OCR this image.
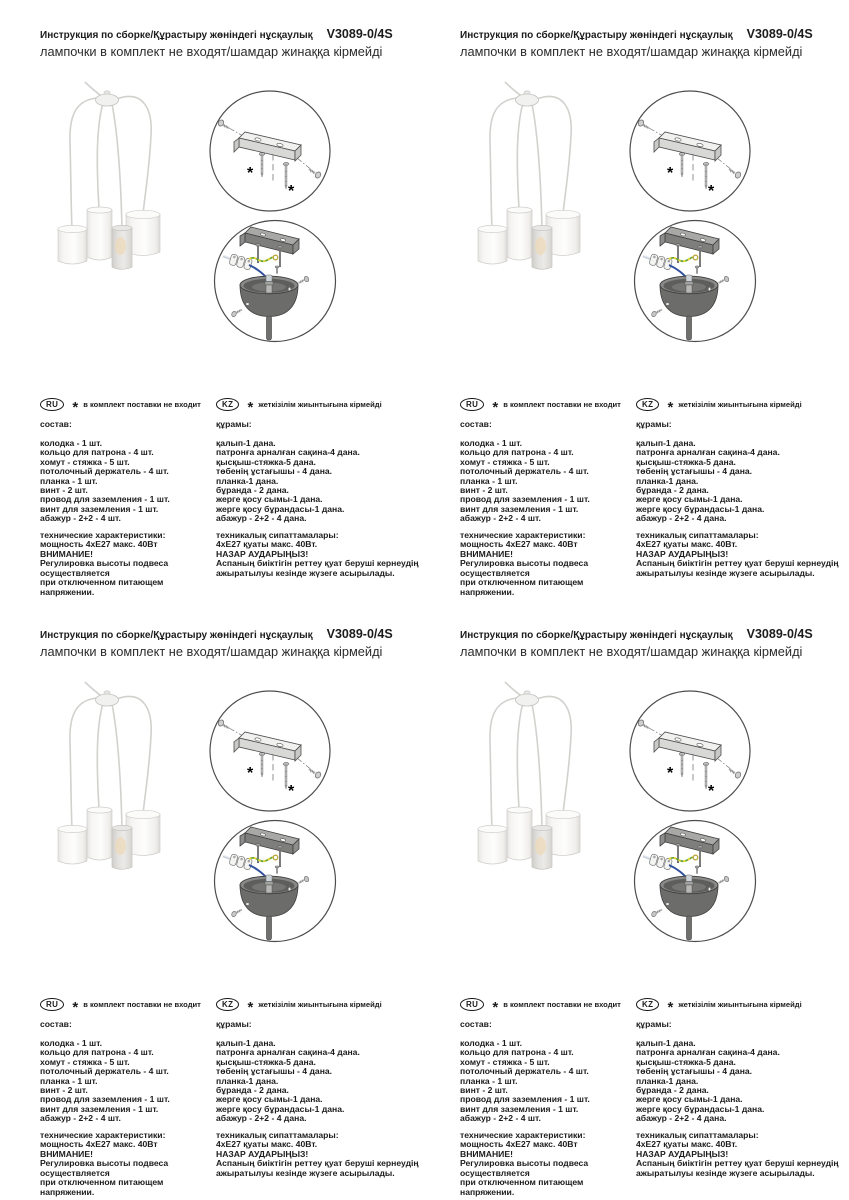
Инструкция по сборке/Құрастыру жөніндегі нұсқаулық V3089-0/4S
лампочки в комплект не входят/шамдар жинаққа кірмейді
*
*
RU * в комплект поставки не входит
состав:
колодка - 1 шт.
кольцо для патрона - 4 шт.
хомут - стяжка - 5 шт.
потолочный держатель - 4 шт.
планка - 1 шт.
винт - 2 шт.
провод для заземления - 1 шт.
винт для заземления - 1 шт.
абажур - 2+2 - 4 шт.
технические характеристики:
мощность 4хЕ27 макс. 40Вт
ВНИМАНИЕ!
Регулировка высоты подвеса осуществляется
при отключенном питающем напряжении.
KZ * жеткізілім жиынтығына кірмейді
құрамы:
қалып-1 дана.
патронға арналған сақина-4 дана.
қысқыш-стяжка-5 дана.
төбенің ұстағышы - 4 дана.
планка-1 дана.
бұранда - 2 дана.
жерге қосу сымы-1 дана.
жерге қосу бұрандасы-1 дана.
абажур - 2+2 - 4 дана.
техникалық сипаттамалары:
4хЕ27 қуаты макс. 40Вт.
НАЗАР АУДАРЫҢЫЗ!
Аспаның биіктігін реттеу қуат беруші кернеудің
ажыратылуы кезінде жүзеге асырылады.
Инструкция по сборке/Құрастыру жөніндегі нұсқаулық V3089-0/4S
лампочки в комплект не входят/шамдар жинаққа кірмейді
*
*
RU * в комплект поставки не входит
состав:
колодка - 1 шт.
кольцо для патрона - 4 шт.
хомут - стяжка - 5 шт.
потолочный держатель - 4 шт.
планка - 1 шт.
винт - 2 шт.
провод для заземления - 1 шт.
винт для заземления - 1 шт.
абажур - 2+2 - 4 шт.
технические характеристики:
мощность 4хЕ27 макс. 40Вт
ВНИМАНИЕ!
Регулировка высоты подвеса осуществляется
при отключенном питающем напряжении.
KZ * жеткізілім жиынтығына кірмейді
құрамы:
қалып-1 дана.
патронға арналған сақина-4 дана.
қысқыш-стяжка-5 дана.
төбенің ұстағышы - 4 дана.
планка-1 дана.
бұранда - 2 дана.
жерге қосу сымы-1 дана.
жерге қосу бұрандасы-1 дана.
абажур - 2+2 - 4 дана.
техникалық сипаттамалары:
4хЕ27 қуаты макс. 40Вт.
НАЗАР АУДАРЫҢЫЗ!
Аспаның биіктігін реттеу қуат беруші кернеудің
ажыратылуы кезінде жүзеге асырылады.
Инструкция по сборке/Құрастыру жөніндегі нұсқаулық V3089-0/4S
лампочки в комплект не входят/шамдар жинаққа кірмейді
*
*
RU * в комплект поставки не входит
состав:
колодка - 1 шт.
кольцо для патрона - 4 шт.
хомут - стяжка - 5 шт.
потолочный держатель - 4 шт.
планка - 1 шт.
винт - 2 шт.
провод для заземления - 1 шт.
винт для заземления - 1 шт.
абажур - 2+2 - 4 шт.
технические характеристики:
мощность 4хЕ27 макс. 40Вт
ВНИМАНИЕ!
Регулировка высоты подвеса осуществляется
при отключенном питающем напряжении.
KZ * жеткізілім жиынтығына кірмейді
құрамы:
қалып-1 дана.
патронға арналған сақина-4 дана.
қысқыш-стяжка-5 дана.
төбенің ұстағышы - 4 дана.
планка-1 дана.
бұранда - 2 дана.
жерге қосу сымы-1 дана.
жерге қосу бұрандасы-1 дана.
абажур - 2+2 - 4 дана.
техникалық сипаттамалары:
4хЕ27 қуаты макс. 40Вт.
НАЗАР АУДАРЫҢЫЗ!
Аспаның биіктігін реттеу қуат беруші кернеудің
ажыратылуы кезінде жүзеге асырылады.
Инструкция по сборке/Құрастыру жөніндегі нұсқаулық V3089-0/4S
лампочки в комплект не входят/шамдар жинаққа кірмейді
*
*
RU * в комплект поставки не входит
состав:
колодка - 1 шт.
кольцо для патрона - 4 шт.
хомут - стяжка - 5 шт.
потолочный держатель - 4 шт.
планка - 1 шт.
винт - 2 шт.
провод для заземления - 1 шт.
винт для заземления - 1 шт.
абажур - 2+2 - 4 шт.
технические характеристики:
мощность 4хЕ27 макс. 40Вт
ВНИМАНИЕ!
Регулировка высоты подвеса осуществляется
при отключенном питающем напряжении.
KZ * жеткізілім жиынтығына кірмейді
құрамы:
қалып-1 дана.
патронға арналған сақина-4 дана.
қысқыш-стяжка-5 дана.
төбенің ұстағышы - 4 дана.
планка-1 дана.
бұранда - 2 дана.
жерге қосу сымы-1 дана.
жерге қосу бұрандасы-1 дана.
абажур - 2+2 - 4 дана.
техникалық сипаттамалары:
4хЕ27 қуаты макс. 40Вт.
НАЗАР АУДАРЫҢЫЗ!
Аспаның биіктігін реттеу қуат беруші кернеудің
ажыратылуы кезінде жүзеге асырылады.
